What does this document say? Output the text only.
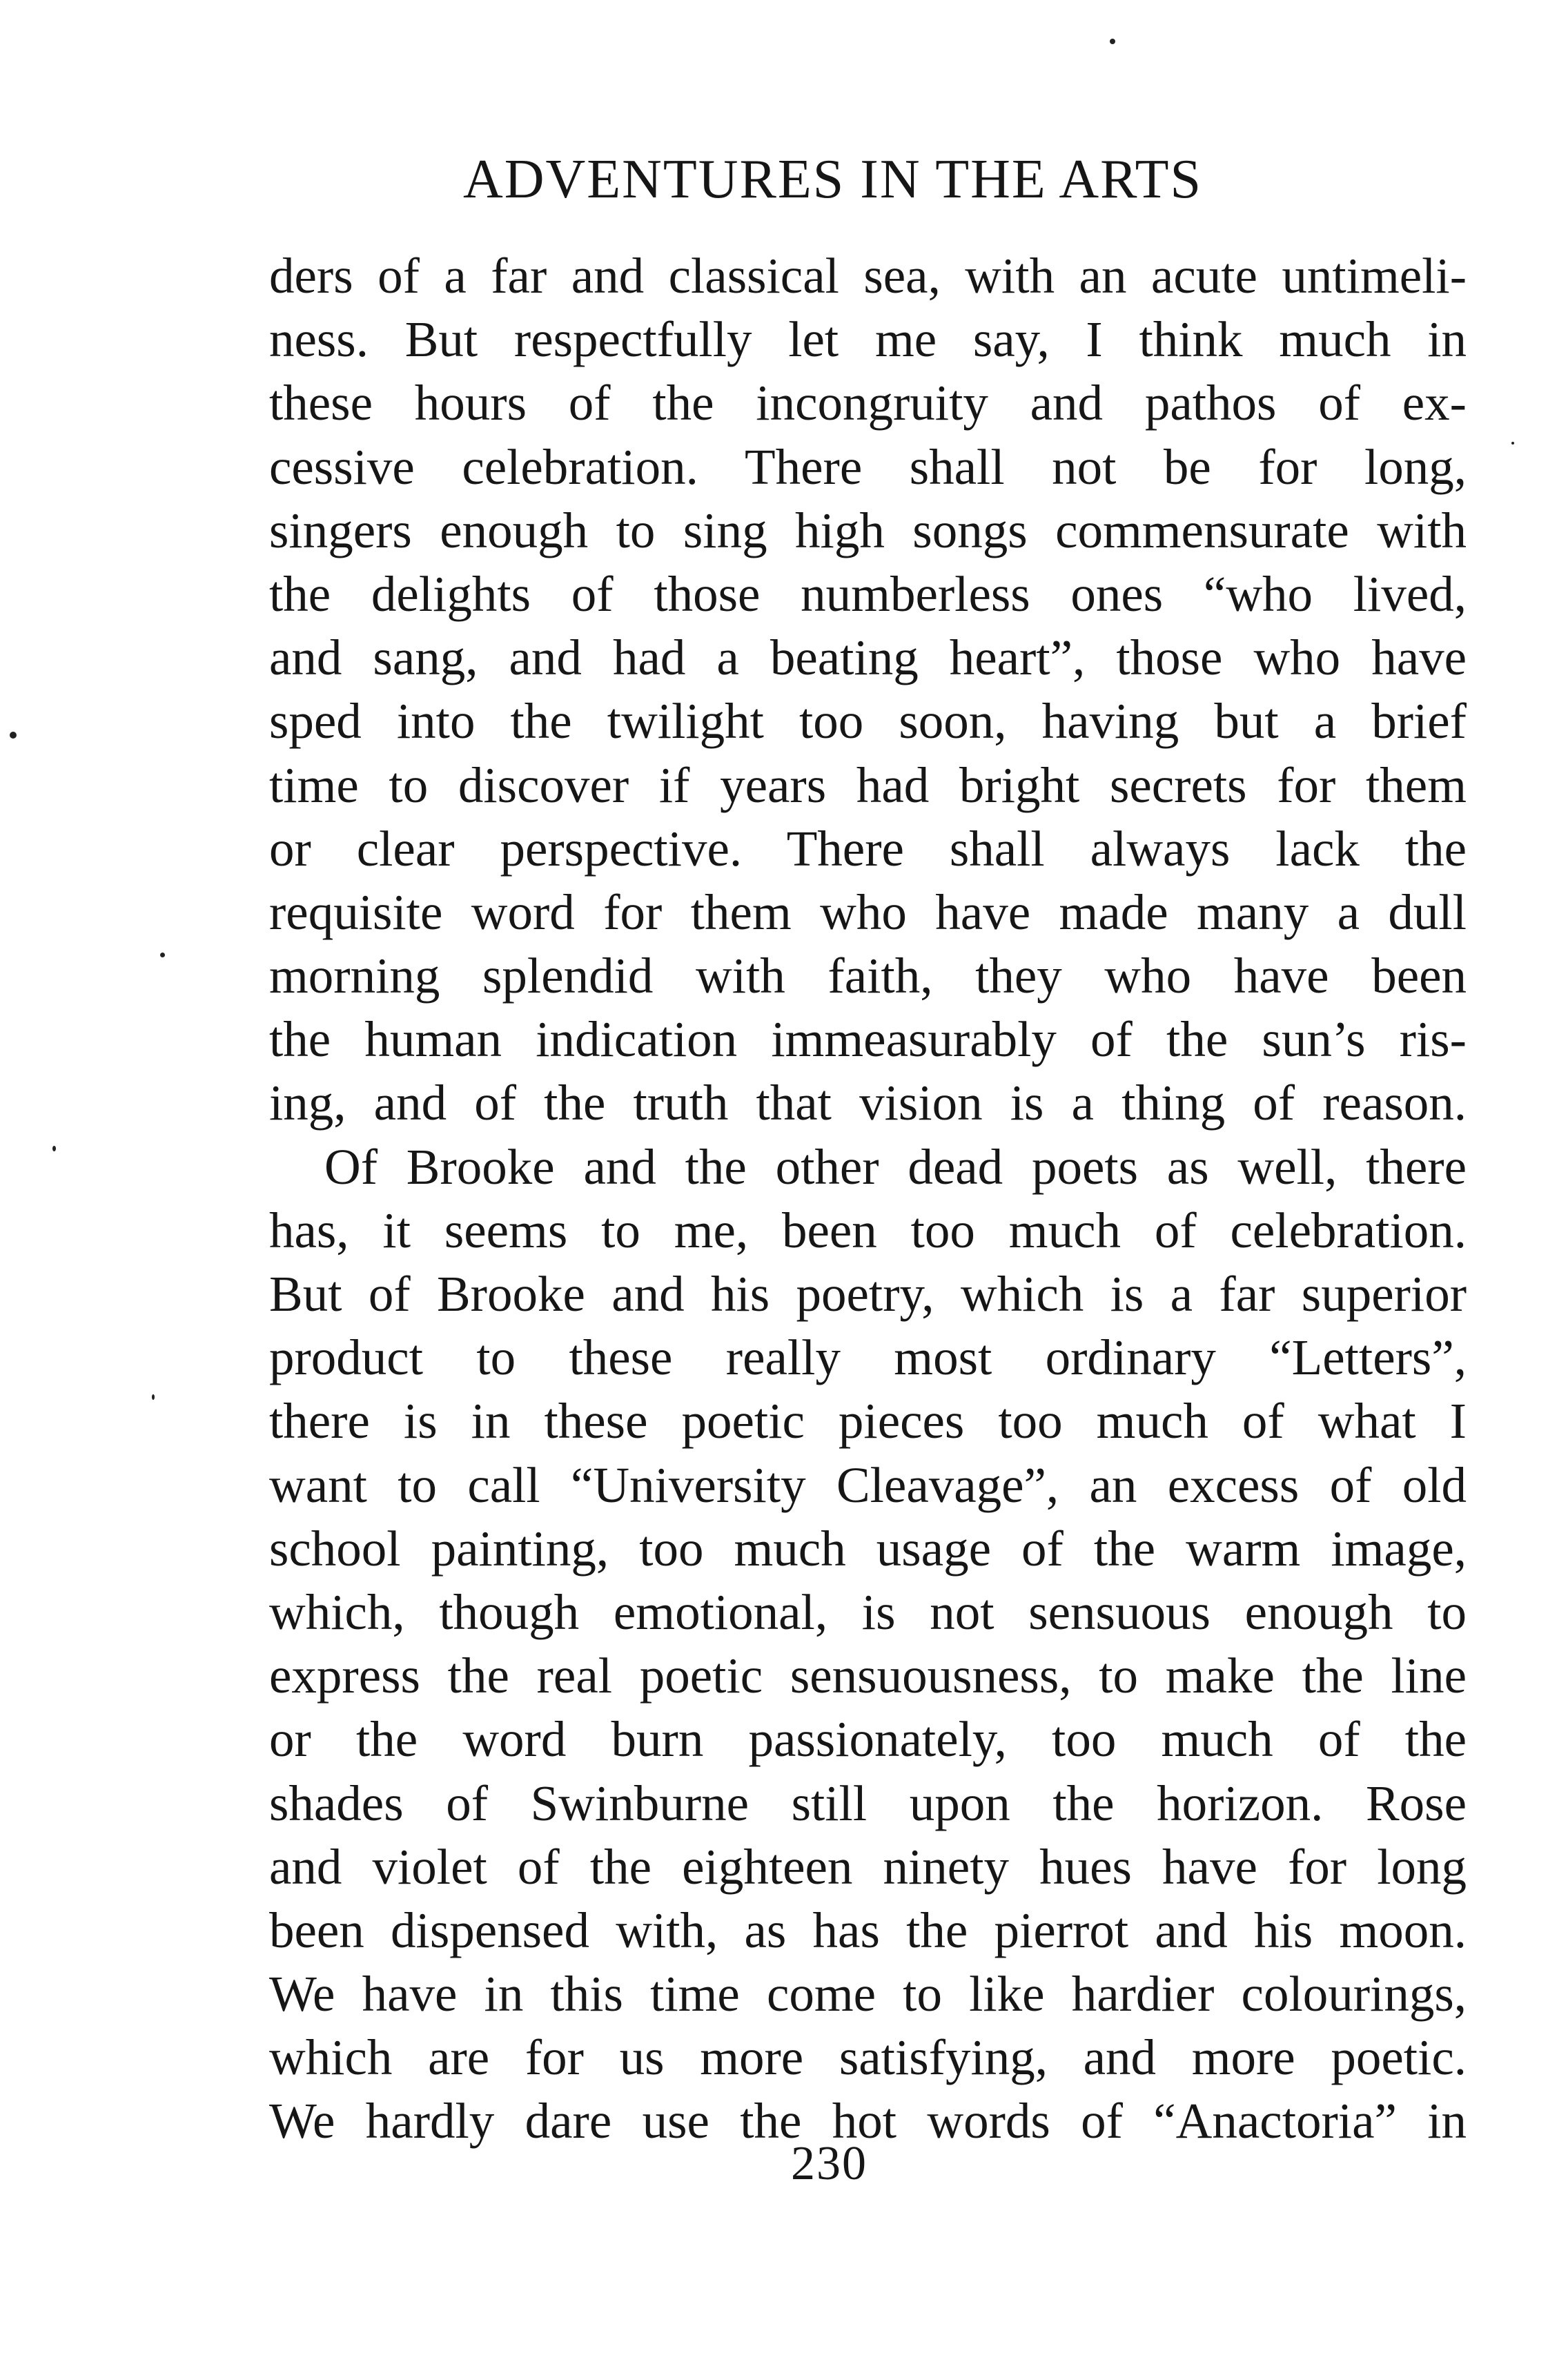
ADVENTURES IN THE ARTS
ders of a far and classical sea, with an acute untimeli-
ness. But respectfully let me say, I think much in
these hours of the incongruity and pathos of ex-
cessive celebration. There shall not be for long,
singers enough to sing high songs commensurate with
the delights of those numberless ones “who lived,
and sang, and had a beating heart”, those who have
sped into the twilight too soon, having but a brief
time to discover if years had bright secrets for them
or clear perspective. There shall always lack the
requisite word for them who have made many a dull
morning splendid with faith, they who have been
the human indication immeasurably of the sun’s ris-
ing, and of the truth that vision is a thing of reason.
Of Brooke and the other dead poets as well, there
has, it seems to me, been too much of celebration.
But of Brooke and his poetry, which is a far superior
product to these really most ordinary “Letters”,
there is in these poetic pieces too much of what I
want to call “University Cleavage”, an excess of old
school painting, too much usage of the warm image,
which, though emotional, is not sensuous enough to
express the real poetic sensuousness, to make the line
or the word burn passionately, too much of the
shades of Swinburne still upon the horizon. Rose
and violet of the eighteen ninety hues have for long
been dispensed with, as has the pierrot and his moon.
We have in this time come to like hardier colourings,
which are for us more satisfying, and more poetic.
We hardly dare use the hot words of “Anactoria” in
230
